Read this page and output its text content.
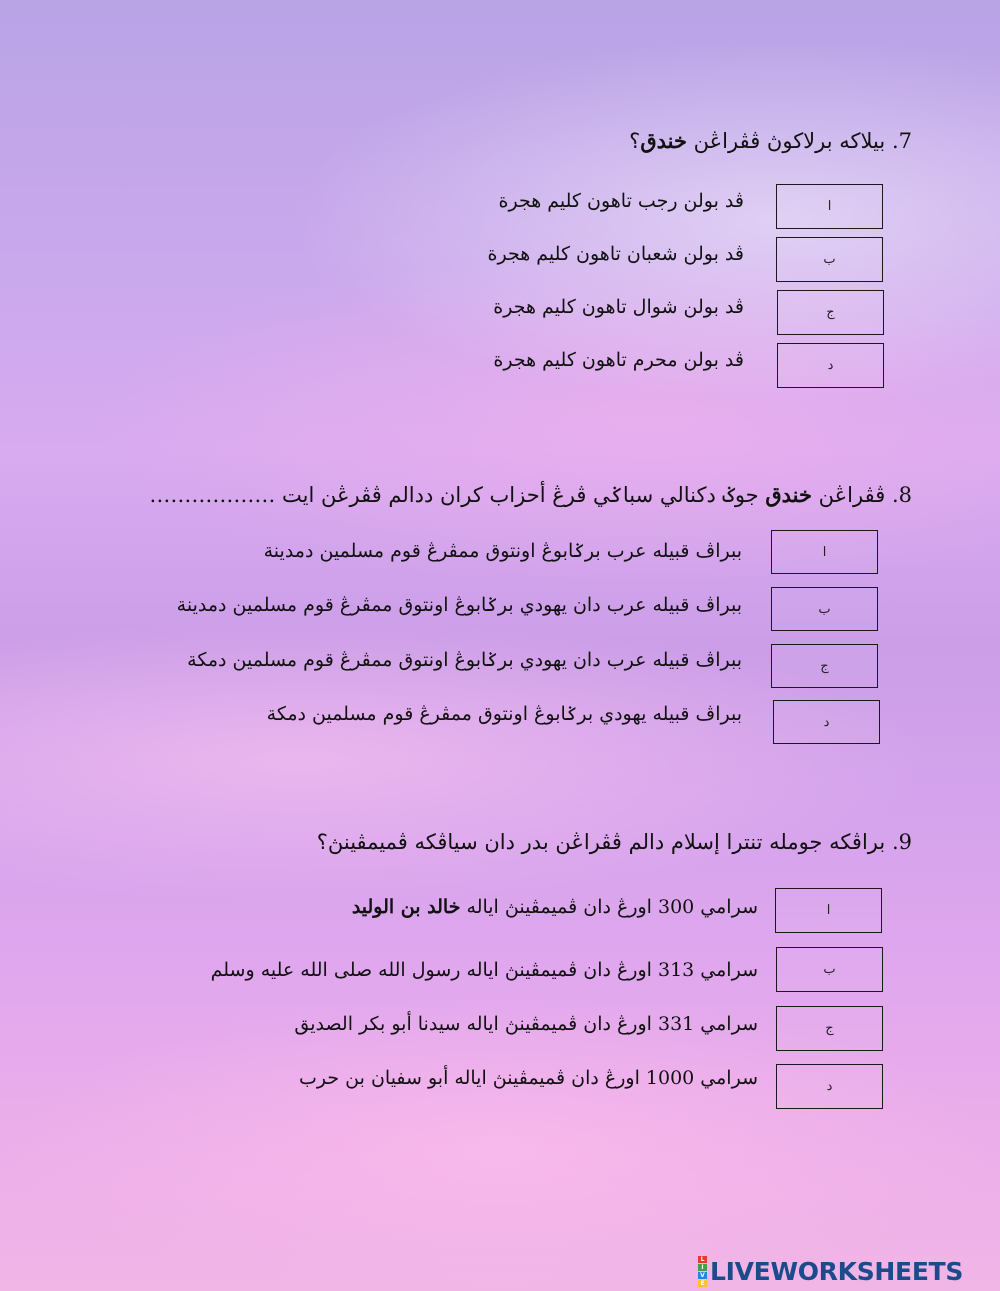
7. بيلاكه برلاكوڽ ڤڤراڠن خندق؟
ا
ڤد بولن رجب تاهون كليم هجرة
ب
ڤد بولن شعبان تاهون كليم هجرة
ج
ڤد بولن شوال تاهون كليم هجرة
د
ڤد بولن محرم تاهون كليم هجرة
8. ڤڤراڠن خندق جوݢ دكنالي سباݢي ڤرڠ أحزاب كران ددالم ڤڤرڠن ايت ………………
ا
ببراڤ قبيله عرب برݢابوڠ اونتوق ممڤرڠ قوم مسلمين دمدينة
ب
ببراڤ قبيله عرب دان يهودي برݢابوڠ اونتوق ممڤرڠ قوم مسلمين دمدينة
ج
ببراڤ قبيله عرب دان يهودي برݢابوڠ اونتوق ممڤرڠ قوم مسلمين دمكة
د
ببراڤ قبيله يهودي برݢابوڠ اونتوق ممڤرڠ قوم مسلمين دمكة
9. براڤكه جومله تنترا إسلام دالم ڤڤراڠن بدر دان سياڤكه ڤمیمڤينڽ؟
ا
سرامي 300 اورڠ دان ڤميمڤينڽ اياله خالد بن الوليد
ب
سرامي 313 اورڠ دان ڤميمڤينڽ اياله رسول الله صلى الله عليه وسلم
ج
سرامي 331 اورڠ دان ڤميمڤينڽ اياله سيدنا أبو بكر الصديق
د
سرامي 1000 اورڠ دان ڤميمڤينڽ اياله أبو سفيان بن حرب
L
I
V
E LIVEWORKSHEETS
